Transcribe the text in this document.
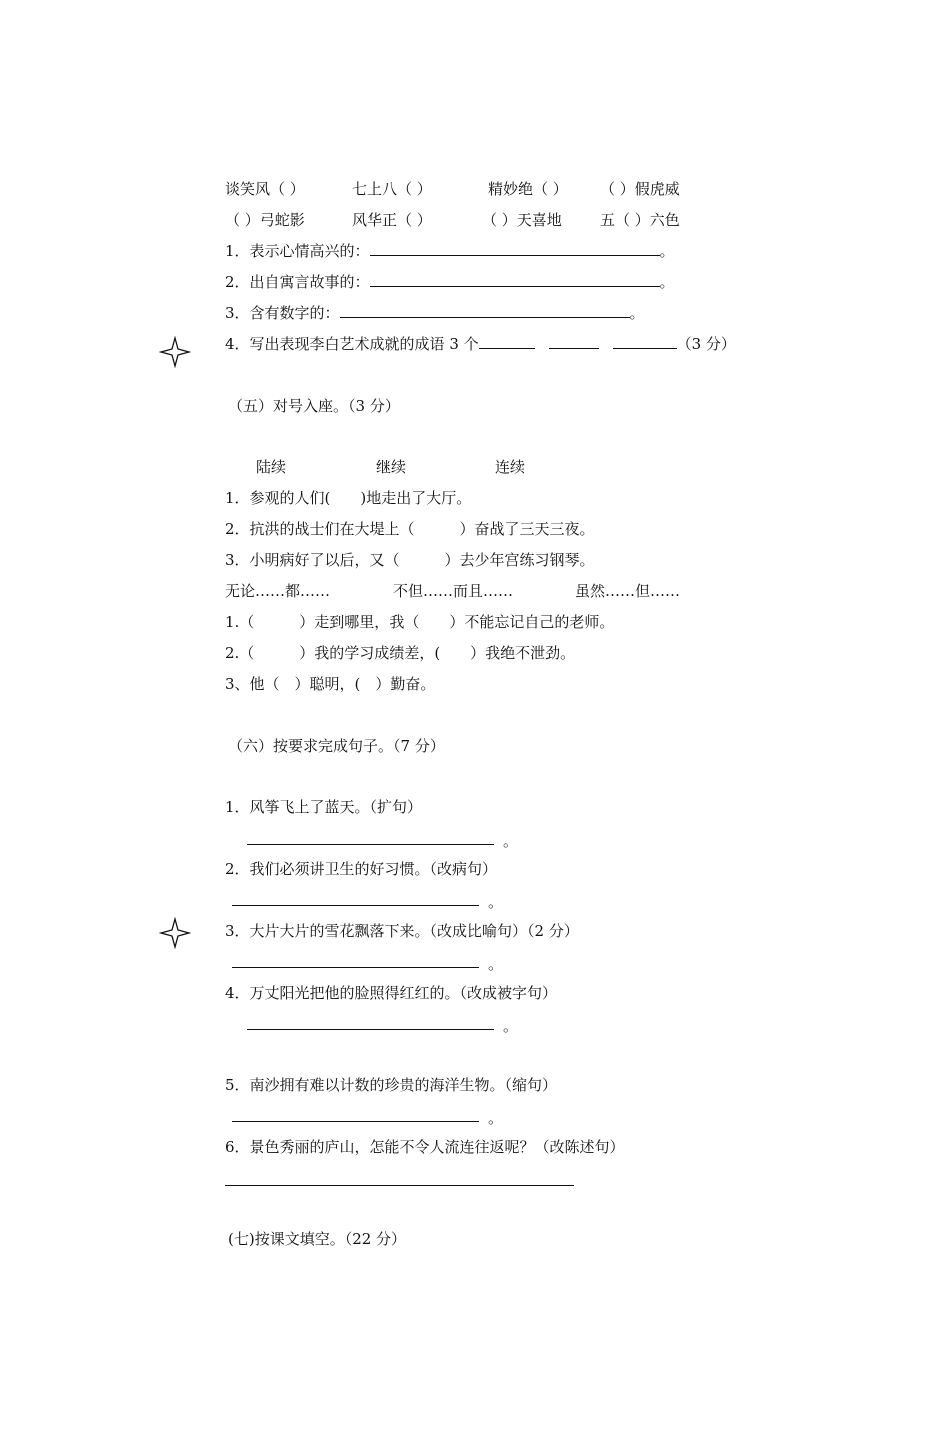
谈笑风（ ）	七上八（ ）	精妙绝（ ） （ ）假虎威
（ ）弓蛇影	风华正（ ）	（ ）天喜地	五（ ）六色
1．表示心情高兴的：	。
2．出自寓言故事的：	。
3．含有数字的：	。
4．写出表现李白艺术成就的成语 3 个	（3 分）
（五）对号入座。（3 分）
陆续	继续	连续
1．参观的人们(　　)地走出了大厅。
2．抗洪的战士们在大堤上（　　　）奋战了三天三夜。
3．小明病好了以后，又（　　　）去少年宫练习钢琴。
无论……都……	不但……而且……	虽然……但……
1.（　　　）走到哪里，我（　　）不能忘记自己的老师。
2.（　　　）我的学习成绩差，(　　）我绝不泄劲。
3、他（　）聪明，(　）勤奋。
（六）按要求完成句子。（7 分）
1．风筝飞上了蓝天。（扩句）
。
2．我们必须讲卫生的好习惯。（改病句）
。
3．大片大片的雪花飘落下来。（改成比喻句）（2 分）
。
4．万丈阳光把他的脸照得红红的。（改成被字句）
。
5．南沙拥有难以计数的珍贵的海洋生物。（缩句）
。
6．景色秀丽的庐山，怎能不令人流连往返呢？（改陈述句）
(七)按课文填空。（22 分）
